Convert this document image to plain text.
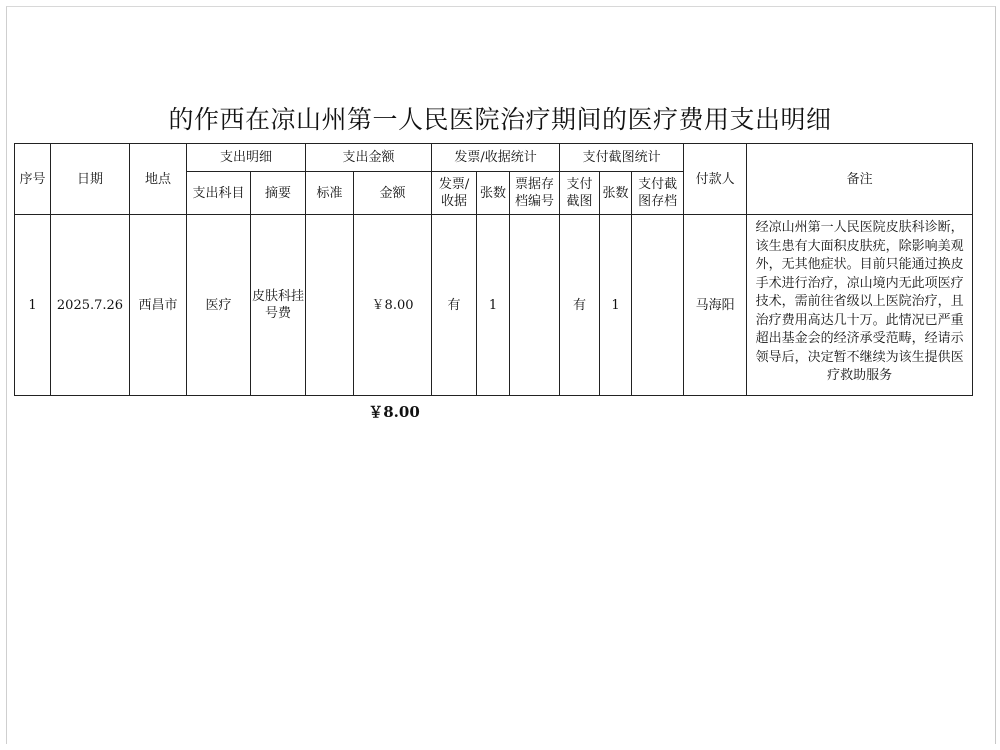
的作西在凉山州第一人民医院治疗期间的医疗费用支出明细
序号	日期	地点	支出明细		支出金额		发票/收据统计			支付截图统计			付款人	备注
			支出科目	摘要	标准	金额	发票/收据	张数	票据存档编号	支付截图	张数	支付截图存档		
1	2025.7.26	西昌市	医疗	皮肤科挂号费		￥8.00	有	1		有	1		马海阳	经凉山州第一人民医院皮肤科诊断，该生患有大面积皮肤疣，除影响美观外，无其他症状。目前只能通过换皮手术进行治疗，凉山境内无此项医疗技术，需前往省级以上医院治疗，且治疗费用高达几十万。此情况已严重超出基金会的经济承受范畴，经请示领导后，决定暂不继续为该生提供医疗救助服务
￥8.00
